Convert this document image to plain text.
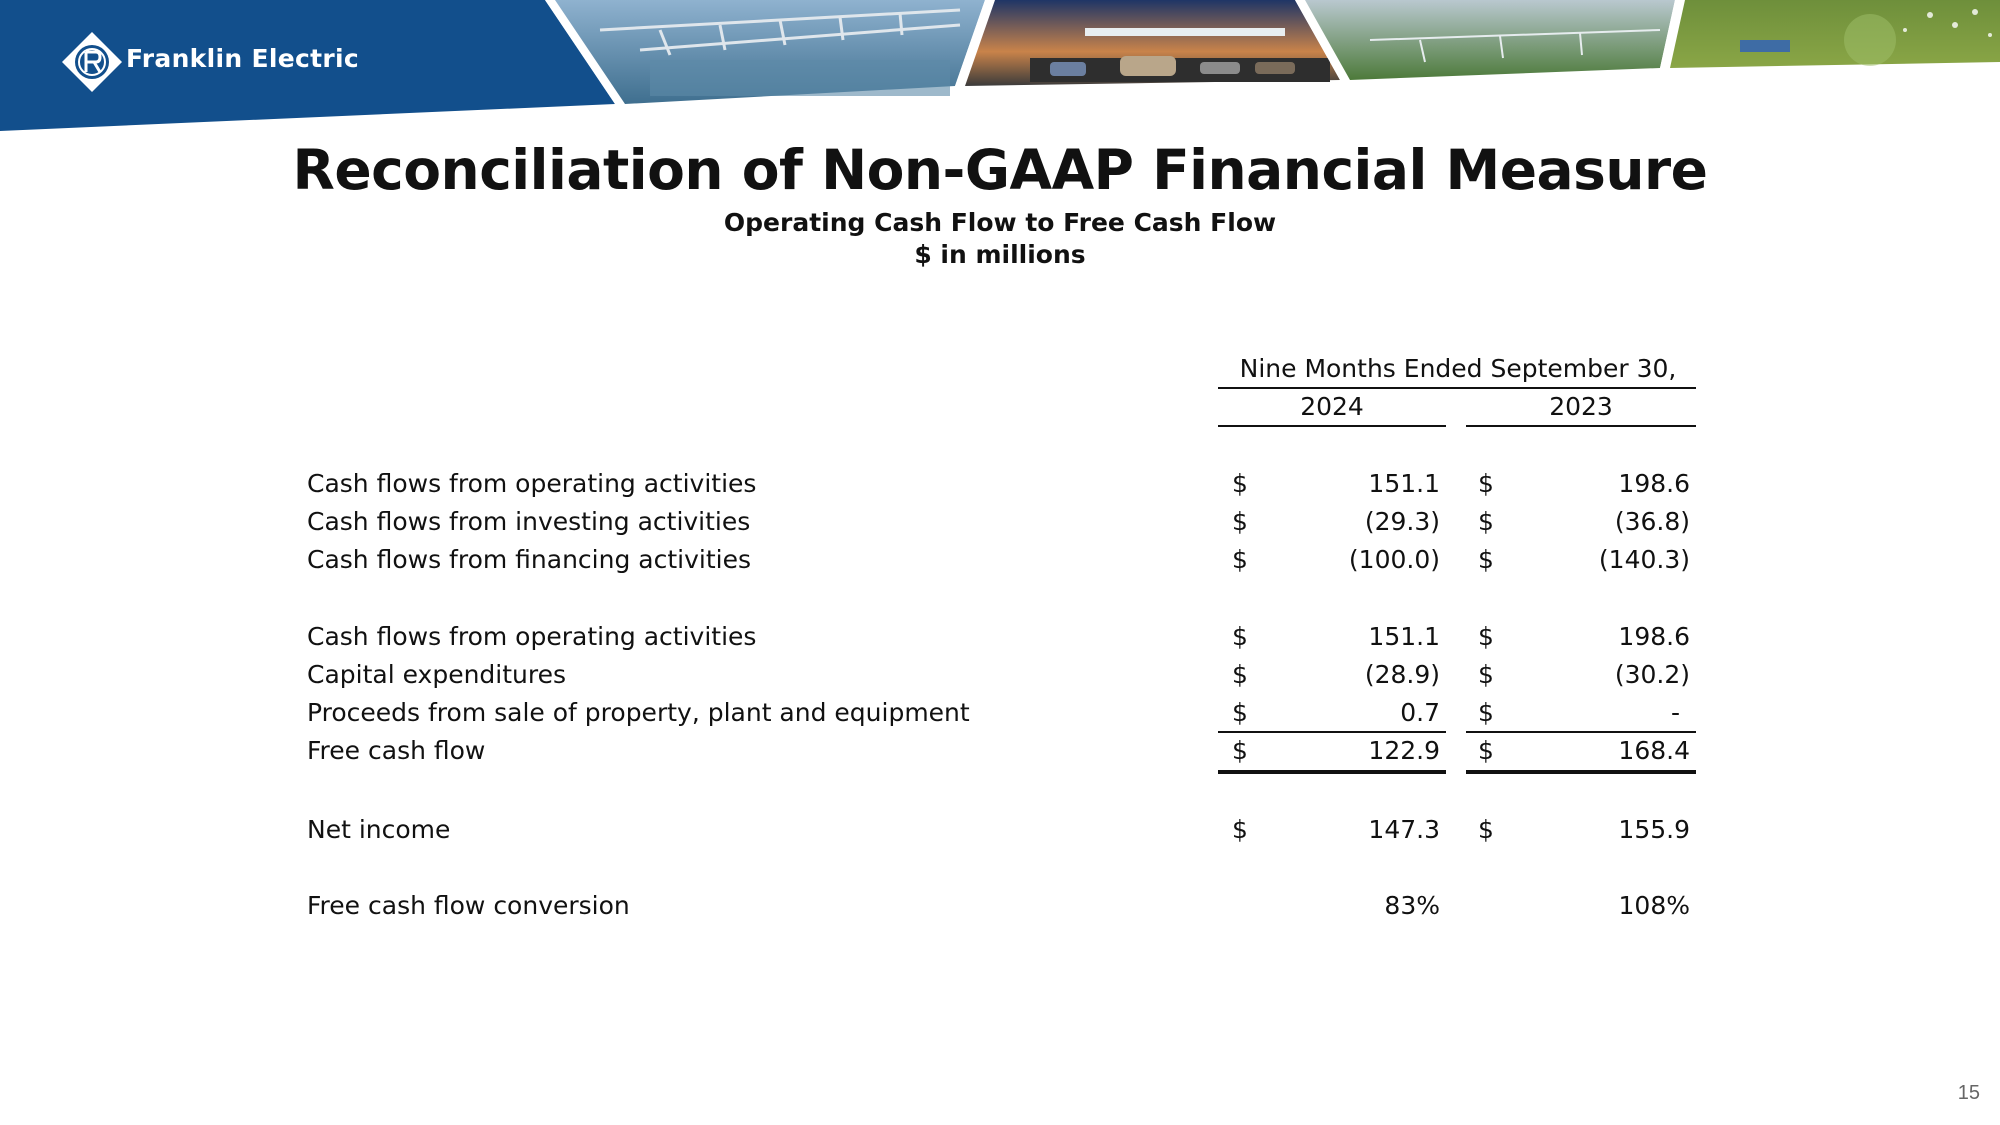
Franklin Electric
Reconciliation of Non-GAAP Financial Measure
Operating Cash Flow to Free Cash Flow
$ in millions
Nine Months Ended September 30,
2024	2023
Cash flows from operating activities	$	151.1 $	198.6
Cash flows from investing activities	$	(29.3) $	(36.8)
Cash flows from financing activities	$	(100.0) $	(140.3)
Cash flows from operating activities	$	151.1 $	198.6
Capital expenditures	$	(28.9) $	(30.2)
Proceeds from sale of property, plant and equipment	$	0.7 $	-
Free cash flow	$	122.9 $	168.4
Net income	$	147.3 $	155.9
Free cash flow conversion	83%	108%
15
